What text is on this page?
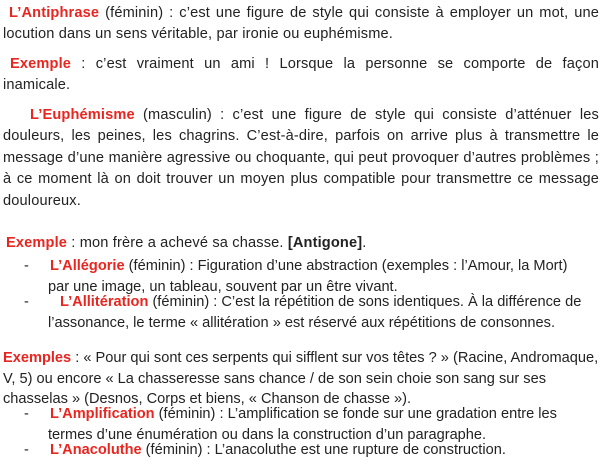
L’Antiphrase (féminin) : c’est une figure de style qui consiste à employer un mot, une locution dans un sens véritable, par ironie ou euphémisme.
Exemple : c’est vraiment un ami ! Lorsque la personne se comporte de façon inamicale.
L’Euphémisme (masculin) : c’est une figure de style qui consiste d’atténuer les douleurs, les peines, les chagrins. C’est-à-dire, parfois on arrive plus à transmettre le message d’une manière agressive ou choquante, qui peut provoquer d’autres problèmes ; à ce moment là on doit trouver un moyen plus compatible pour transmettre ce message douloureux.
Exemple : mon frère a achevé sa chasse. [Antigone].
- L’Allégorie (féminin) : Figuration d’une abstraction (exemples : l’Amour, la Mort) par une image, un tableau, souvent par un être vivant.
-	L’Allitération (féminin) : C’est la répétition de sons identiques. À la différence de l’assonance, le terme « allitération » est réservé aux répétitions de consonnes.
Exemples : « Pour qui sont ces serpents qui sifflent sur vos têtes ? » (Racine, Andromaque, V, 5) ou encore « La chasseresse sans chance / de son sein choie son sang sur ses chasselas » (Desnos, Corps et biens, « Chanson de chasse »).
- L’Amplification (féminin) : L’amplification se fonde sur une gradation entre les termes d’une énumération ou dans la construction d’un paragraphe.
- L’Anacoluthe (féminin) : L’anacoluthe est une rupture de construction.
